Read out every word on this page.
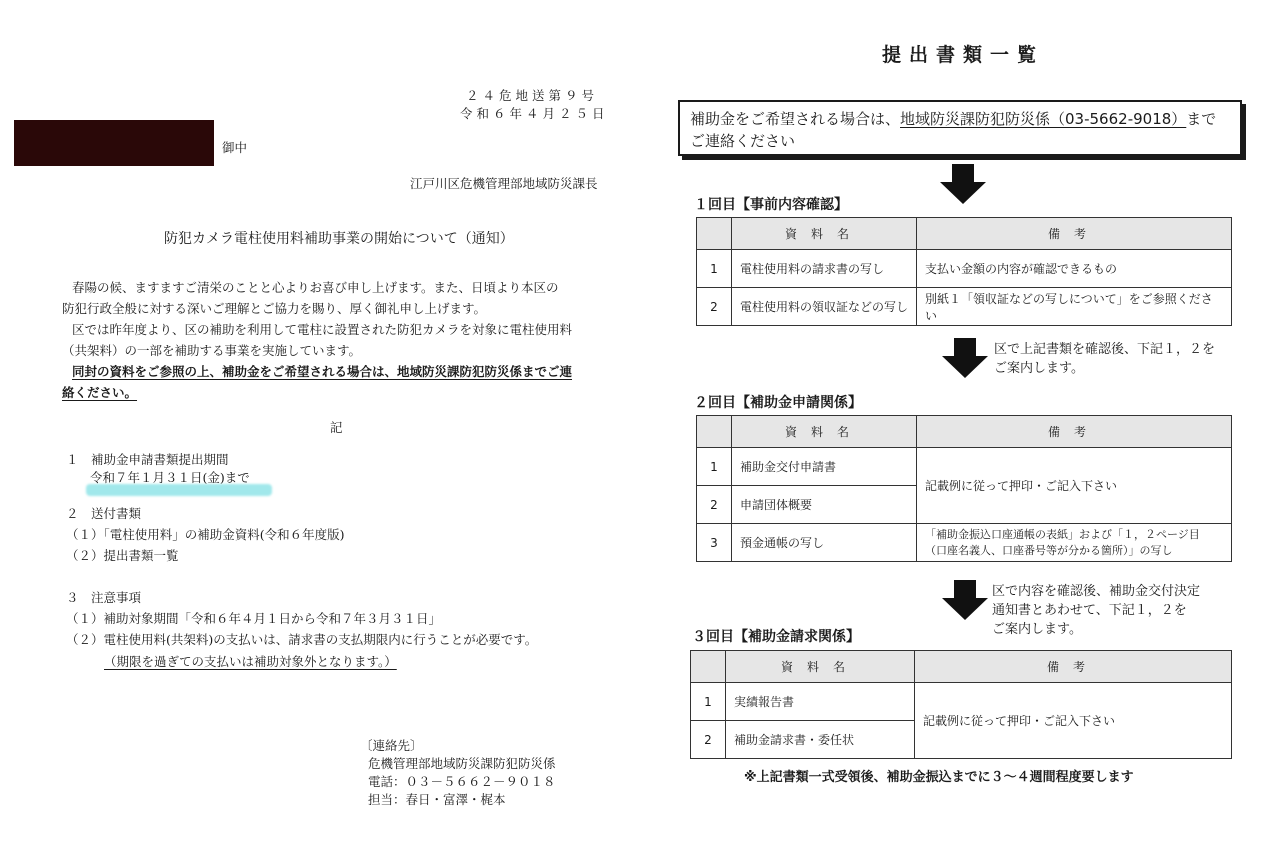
２４危地送第９号
令和６年４月２５日
御中
江戸川区危機管理部地域防災課長
防犯カメラ電柱使用料補助事業の開始について（通知）
春陽の候、ますますご清栄のことと心よりお喜び申し上げます。また、日頃より本区の
防犯行政全般に対する深いご理解とご協力を賜り、厚く御礼申し上げます。
区では昨年度より、区の補助を利用して電柱に設置された防犯カメラを対象に電柱使用料
（共架料）の一部を補助する事業を実施しています。
同封の資料をご参照の上、補助金をご希望される場合は、地域防災課防犯防災係までご連
絡ください。
記
１　補助金申請書類提出期間
令和７年１月３１日(金)まで
２　送付書類
（１）「電柱使用料」の補助金資料(令和６年度版)
（２）提出書類一覧
３　注意事項
（１）補助対象期間「令和６年４月１日から令和７年３月３１日」
（２）電柱使用料(共架料)の支払いは、請求書の支払期限内に行うことが必要です。
（期限を過ぎての支払いは補助対象外となります。）
〔連絡先〕
危機管理部地域防災課防犯防災係
電話：０３－５６６２－９０１８
担当：春日・富澤・梶本
提出書類一覧
補助金をご希望される場合は、地域防災課防犯防災係（03-5662-9018）までご連絡ください
１回目【事前内容確認】
	資料名	備考
1	電柱使用料の請求書の写し	支払い金額の内容が確認できるもの
2	電柱使用料の領収証などの写し	別紙１「領収証などの写しについて」をご参照ください
区で上記書類を確認後、下記１，２を
ご案内します。
２回目【補助金申請関係】
	資料名	備考
1	補助金交付申請書	記載例に従って押印・ご記入下さい
2	申請団体概要	
3	預金通帳の写し	「補助金振込口座通帳の表紙」および「１，２ページ目
（口座名義人、口座番号等が分かる箇所）」の写し
区で内容を確認後、補助金交付決定
通知書とあわせて、下記１，２を
ご案内します。
３回目【補助金請求関係】
	資料名	備考
1	実績報告書	記載例に従って押印・ご記入下さい
2	補助金請求書・委任状	
※上記書類一式受領後、補助金振込までに３～４週間程度要します
